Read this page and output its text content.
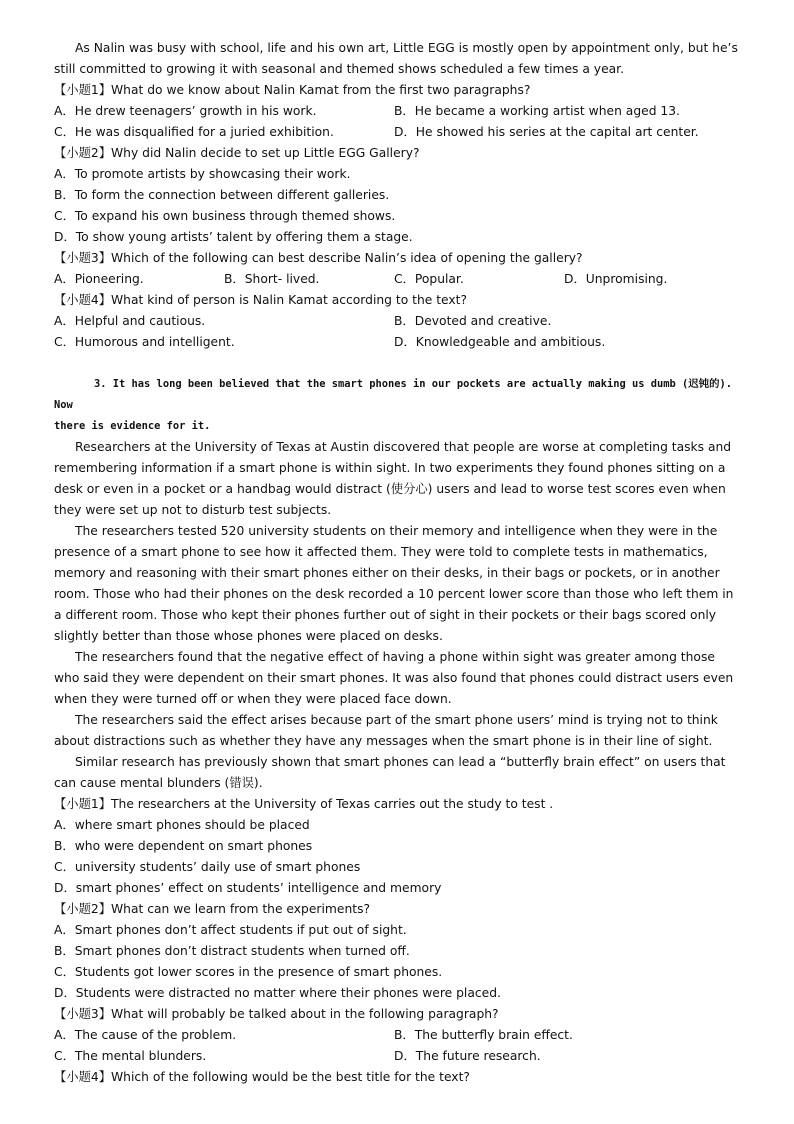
As Nalin was busy with school, life and his own art, Little EGG is mostly open by appointment only, but he’s still committed to growing it with seasonal and themed shows scheduled a few times a year.
【小题1】What do we know about Nalin Kamat from the first two paragraphs?
A．He drew teenagers’ growth in his work.	B．He became a working artist when aged 13.
C．He was disqualified for a juried exhibition.	D．He showed his series at the capital art center.
【小题2】Why did Nalin decide to set up Little EGG Gallery?
A．To promote artists by showcasing their work.
B．To form the connection between different galleries.
C．To expand his own business through themed shows.
D．To show young artists’ talent by offering them a stage.
【小题3】Which of the following can best describe Nalin’s idea of opening the gallery?
A．Pioneering.	B．Short- lived.	C．Popular.	D．Unpromising.
【小题4】What kind of person is Nalin Kamat according to the text?
A．Helpful and cautious.	B．Devoted and creative.
C．Humorous and intelligent.	D．Knowledgeable and ambitious.
3. It has long been believed that the smart phones in our pockets are actually making us dumb (迟钝的). Now
there is evidence for it.
Researchers at the University of Texas at Austin discovered that people are worse at completing tasks and remembering information if a smart phone is within sight. In two experiments they found phones sitting on a desk or even in a pocket or a handbag would distract (使分心) users and lead to worse test scores even when they were set up not to disturb test subjects.
The researchers tested 520 university students on their memory and intelligence when they were in the presence of a smart phone to see how it affected them. They were told to complete tests in mathematics, memory and reasoning with their smart phones either on their desks, in their bags or pockets, or in another room. Those who had their phones on the desk recorded a 10 percent lower score than those who left them in a different room. Those who kept their phones further out of sight in their pockets or their bags scored only slightly better than those whose phones were placed on desks.
The researchers found that the negative effect of having a phone within sight was greater among those who said they were dependent on their smart phones. It was also found that phones could distract users even when they were turned off or when they were placed face down.
The researchers said the effect arises because part of the smart phone users’ mind is trying not to think about distractions such as whether they have any messages when the smart phone is in their line of sight.
Similar research has previously shown that smart phones can lead a “butterfly brain effect” on users that can cause mental blunders (错误).
【小题1】The researchers at the University of Texas carries out the study to test .
A．where smart phones should be placed
B．who were dependent on smart phones
C．university students’ daily use of smart phones
D．smart phones’ effect on students’ intelligence and memory
【小题2】What can we learn from the experiments?
A．Smart phones don’t affect students if put out of sight.
B．Smart phones don’t distract students when turned off.
C．Students got lower scores in the presence of smart phones.
D．Students were distracted no matter where their phones were placed.
【小题3】What will probably be talked about in the following paragraph?
A．The cause of the problem.	B．The butterfly brain effect.
C．The mental blunders.	D．The future research.
【小题4】Which of the following would be the best title for the text?
